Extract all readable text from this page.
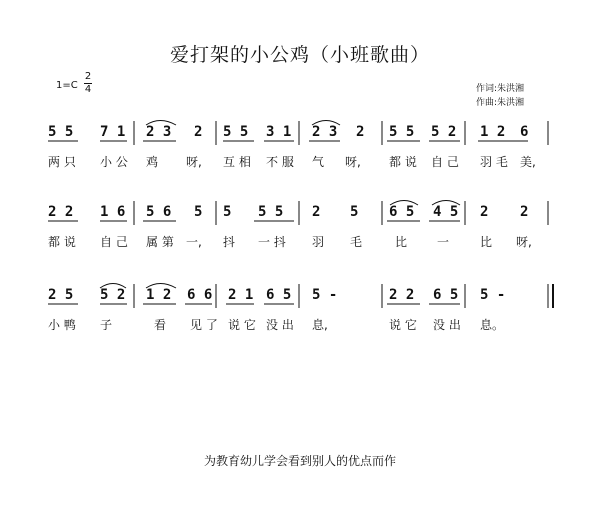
爱打架的小公鸡（小班歌曲）
1=C
2
4	作词:朱洪湘
作曲:朱洪湘
5 5 7 1 2 3 2 5 5 3 1 2 3 2 5 5 5 2 1 2 6
两 只 小 公 鸡 呀, 互 相 不 服 气 呀, 都 说 自 己 羽 毛 美,
2 2 1 6 5 6 5 5 5 5 2 5 6 5 4 5 2 2
都 说 自 己 属 第 一, 抖 一 抖 羽 毛	比 一	比 呀,
2 5 5 2 1 2 6 6 2 1 6 5 5 -	2 2 6 5 5 -
小 鸭 子	看 见 了 说 它 没 出 息,	说 它 没 出 息。
为教育幼儿学会看到别人的优点而作
